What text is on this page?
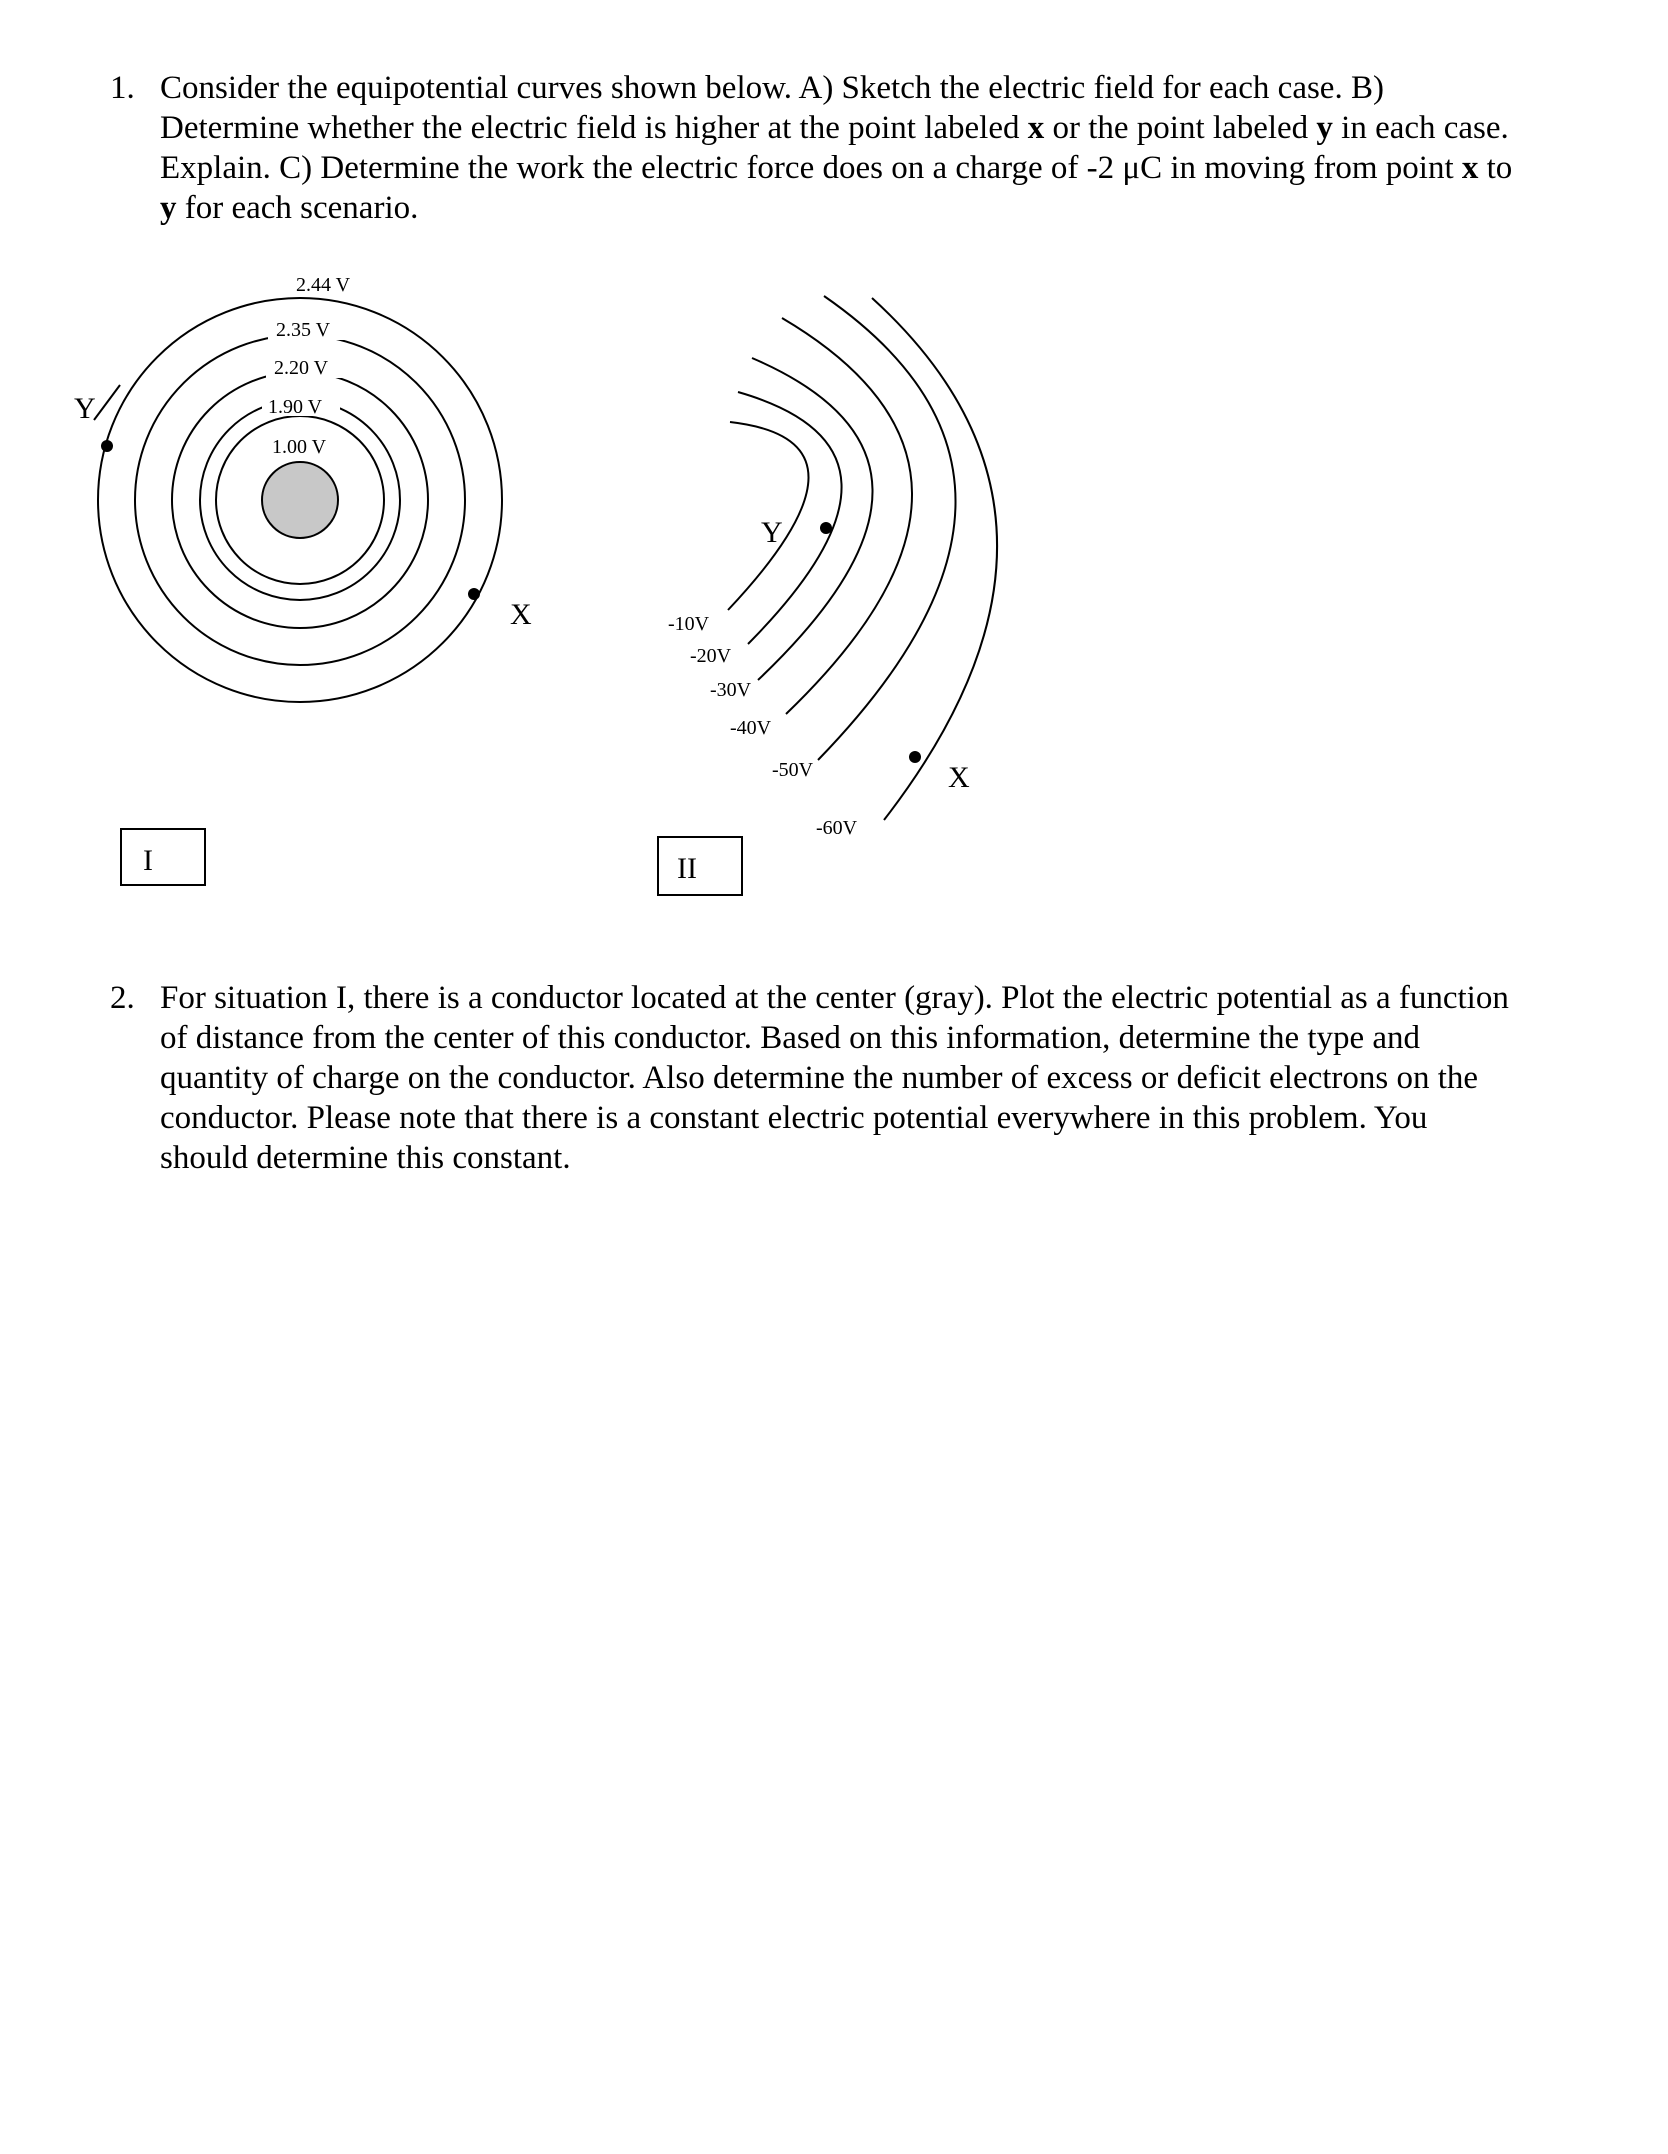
1. Consider the equipotential curves shown below. A) Sketch the electric field for each case. B)
Determine whether the electric field is higher at the point labeled x or the point labeled y in each case.
Explain. C) Determine the work the electric force does on a charge of -2 μC in moving from point x to
y for each scenario.
2.44 V
2.35 V
2.20 V
1.90 V
1.00 V
Y
X
I
-10V
-20V
-30V
-40V
-50V
-60V
Y
X
II
2. For situation I, there is a conductor located at the center (gray). Plot the electric potential as a function
of distance from the center of this conductor. Based on this information, determine the type and
quantity of charge on the conductor. Also determine the number of excess or deficit electrons on the
conductor. Please note that there is a constant electric potential everywhere in this problem. You
should determine this constant.
